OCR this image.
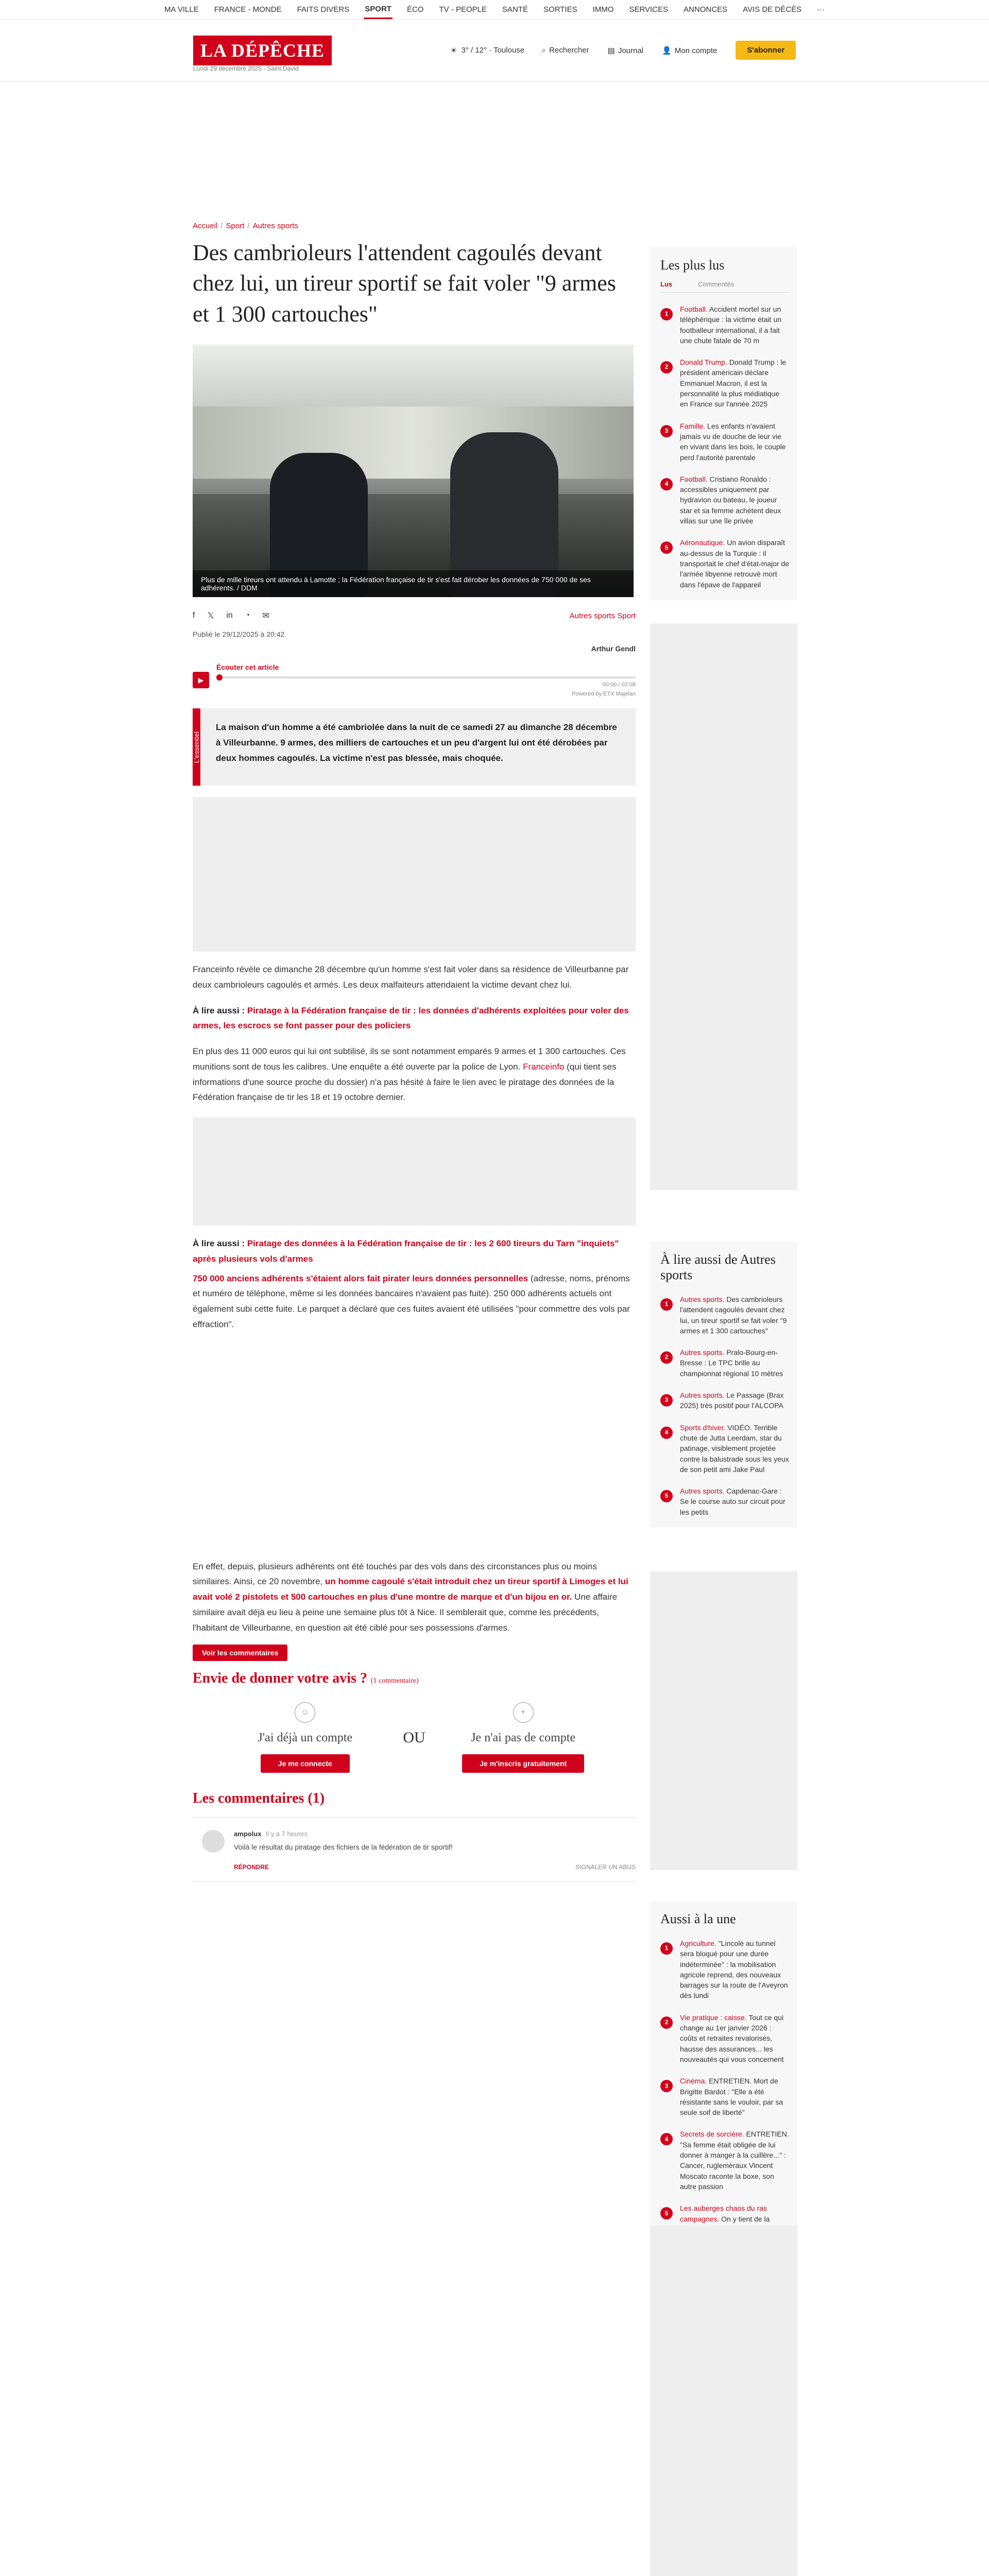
MA VILLE FRANCE - MONDE FAITS DIVERS SPORT ÉCO TV - PEOPLE SANTÉ SORTIES IMMO SERVICES ANNONCES AVIS DE DÉCÈS ···
LA DÉPÊCHE
Lundi 29 décembre 2025 - Saint David
☀ 3° / 12° · Toulouse ⌕ Rechercher ▤ Journal 👤 Mon compte	S'abonner
Accueil / Sport / Autres sports
Des cambrioleurs l'attendent cagoulés devant chez lui, un tireur sportif se fait voler "9 armes et 1 300 cartouches"
Plus de mille tireurs ont attendu à Lamotte ; la Fédération française de tir s'est fait dérober les données de 750 000 de ses adhérents. / DDM
f 𝕏 in ◔ ✉	Autres sports Sport
Publié le 29/12/2025 à 20:42
Arthur Gendl
▶
Écouter cet article
00:00 / 02:08
Powered by ETX Majelan
L'essentiel
La maison d'un homme a été cambriolée dans la nuit de ce samedi 27 au dimanche 28 décembre à Villeurbanne. 9 armes, des milliers de cartouches et un peu d'argent lui ont été dérobées par deux hommes cagoulés. La victime n'est pas blessée, mais choquée.

Franceinfo révèle ce dimanche 28 décembre qu'un homme s'est fait voler dans sa résidence de Villeurbanne par deux cambrioleurs cagoulés et armés. Les deux malfaiteurs attendaient la victime devant chez lui.

À lire aussi : Piratage à la Fédération française de tir : les données d'adhérents exploitées pour voler des armes, les escrocs se font passer pour des policiers

En plus des 11 000 euros qui lui ont subtilisé, ils se sont notamment emparés 9 armes et 1 300 cartouches. Ces munitions sont de tous les calibres. Une enquête a été ouverte par la police de Lyon. Franceinfo (qui tient ses informations d'une source proche du dossier) n'a pas hésité à faire le lien avec le piratage des données de la Fédération française de tir les 18 et 19 octobre dernier.

À lire aussi : Piratage des données à la Fédération française de tir : les 2 600 tireurs du Tarn "inquiets" après plusieurs vols d'armes

750 000 anciens adhérents s'étaient alors fait pirater leurs données personnelles (adresse, noms, prénoms et numéro de téléphone, même si les données bancaires n'avaient pas fuité). 250 000 adhérents actuels ont également subi cette fuite. Le parquet a déclaré que ces fuites avaient été utilisées "pour commettre des vols par effraction".

En effet, depuis, plusieurs adhérents ont été touchés par des vols dans des circonstances plus ou moins similaires. Ainsi, ce 20 novembre, un homme cagoulé s'était introduit chez un tireur sportif à Limoges et lui avait volé 2 pistolets et 500 cartouches en plus d'une montre de marque et d'un bijou en or. Une affaire similaire avait déjà eu lieu à peine une semaine plus tôt à Nice. Il semblerait que, comme les précédents, l'habitant de Villeurbanne, en question ait été ciblé pour ses possessions d'armes.

Voir les commentaires
Envie de donner votre avis ? (1 commentaire)
☺
J'ai déjà un compte
Je me connecte
OU
+
Je n'ai pas de compte
Je m'inscris gratuitement
Les commentaires (1)
ampolux Il y a 7 heures
Voilà le résultat du piratage des fichiers de la fédération de tir sportif!
RÉPONDRE	SIGNALER UN ABUS
Les plus lus
Lus	Commentés
1
Football. Accident mortel sur un téléphérique : la victime était un footballeur international, il a fait une chute fatale de 70 m
2
Donald Trump. Donald Trump : le président américain déclare Emmanuel Macron, il est la personnalité la plus médiatique en France sur l'année 2025
3
Famille. Les enfants n'avaient jamais vu de douche de leur vie en vivant dans les bois, le couple perd l'autorité parentale
4
Football. Cristiano Ronaldo : accessibles uniquement par hydravion ou bateau, le joueur star et sa femme achètent deux villas sur une île privée
5
Aéronautique. Un avion disparaît au-dessus de la Turquie : il transportait le chef d'état-major de l'armée libyenne retrouvé mort dans l'épave de l'appareil
À lire aussi de Autres sports
1
Autres sports. Des cambrioleurs l'attendent cagoulés devant chez lui, un tireur sportif se fait voler "9 armes et 1 300 cartouches"
2
Autres sports. Pralo-Bourg-en-Bresse : Le TPC brille au championnat régional 10 mètres
3
Autres sports. Le Passage (Brax 2025) très positif pour l'ALCOPA
4
Sports d'hiver. VIDÉO. Terrible chute de Jutta Leerdam, star du patinage, visiblement projetée contre la balustrade sous les yeux de son petit ami Jake Paul
5
Autres sports. Capdenac-Gare : Se le course auto sur circuit pour les petits
Aussi à la une
1
Agriculture. "Lincolé au tunnel sera bloqué pour une durée indéterminée" : la mobilisation agricole reprend, des nouveaux barrages sur la route de l'Aveyron dès lundi
2
Vie pratique : caisse. Tout ce qui change au 1er janvier 2026 : coûts et retraites revalorisés, hausse des assurances... les nouveautés qui vous concernent
3
Cinéma. ENTRETIEN. Mort de Brigitte Bardot : "Elle a été résistante sans le vouloir, par sa seule soif de liberté"
4
Secrets de sorcière. ENTRETIEN. "Sa femme était obligée de lui donner à manger à la cuillère..." : Cancer, ruglemèraux Vincent Moscato raconte la boxe, son autre passion
5
Les auberges chaos du ras campagnes. On y tient de la
